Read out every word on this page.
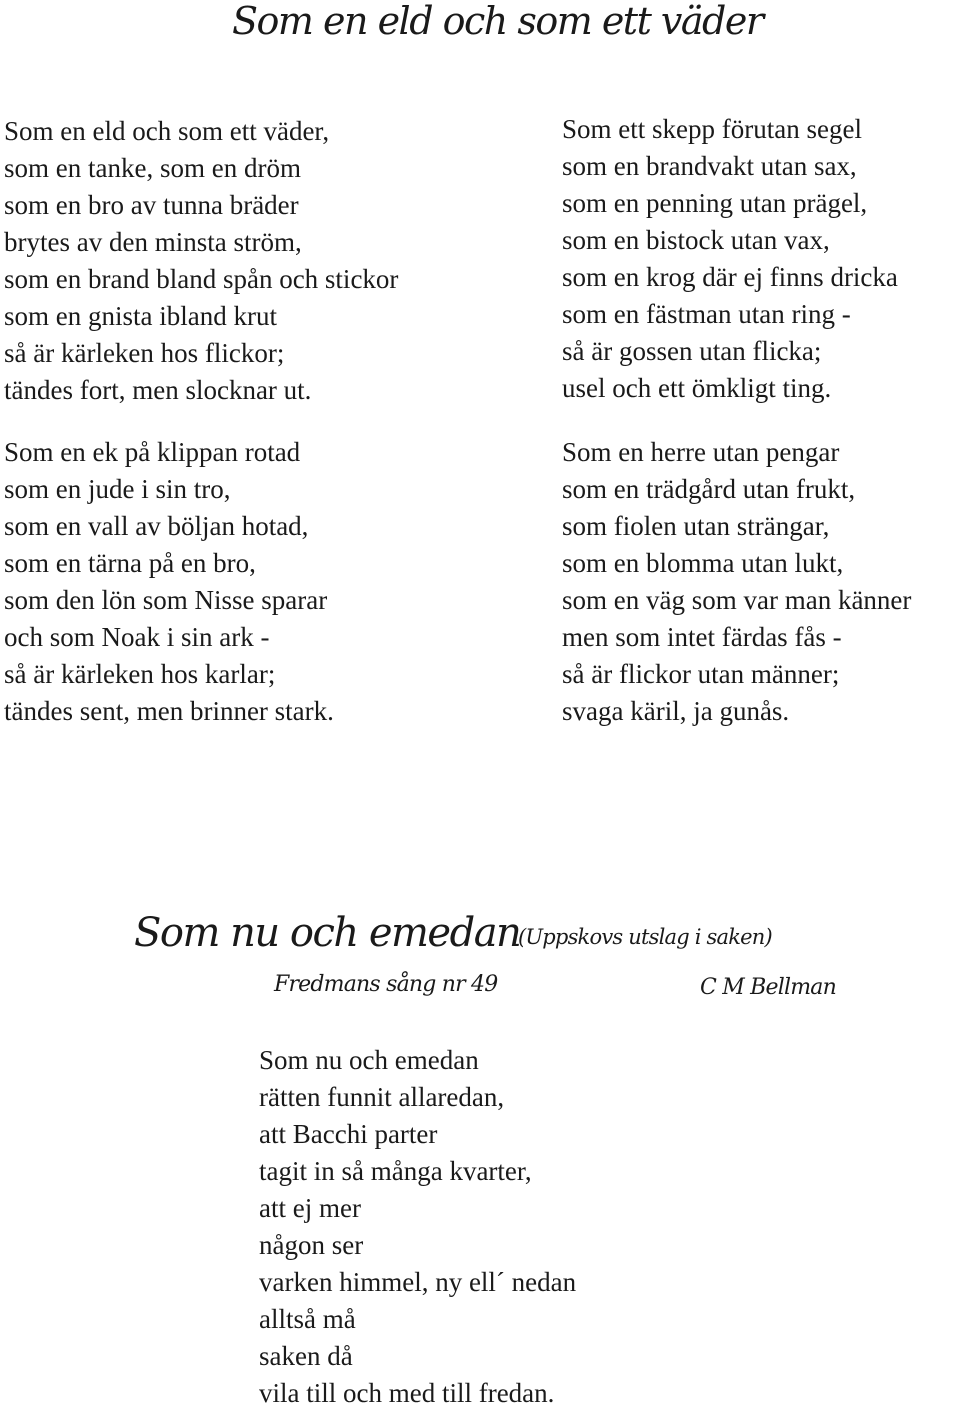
Som en eld och som ett väder
Som en eld och som ett väder,
som en tanke, som en dröm
som en bro av tunna bräder
brytes av den minsta ström,
som en brand bland spån och stickor
som en gnista ibland krut
så är kärleken hos flickor;
tändes fort, men slocknar ut.
Som en ek på klippan rotad
som en jude i sin tro,
som en vall av böljan hotad,
som en tärna på en bro,
som den lön som Nisse sparar
och som Noak i sin ark -
så är kärleken hos karlar;
tändes sent, men brinner stark.
Som ett skepp förutan segel
som en brandvakt utan sax,
som en penning utan prägel,
som en bistock utan vax,
som en krog där ej finns dricka
som en fästman utan ring -
så är gossen utan flicka;
usel och ett ömkligt ting.
Som en herre utan pengar
som en trädgård utan frukt,
som fiolen utan strängar,
som en blomma utan lukt,
som en väg som var man känner
men som intet färdas fås -
så är flickor utan männer;
svaga käril, ja gunås.
Som nu och emedan
(Uppskovs utslag i saken)
Fredmans sång nr 49	C M Bellman
Som nu och emedan
rätten funnit allaredan,
att Bacchi parter
tagit in så många kvarter,
att ej mer
någon ser
varken himmel, ny ell´ nedan
alltså må
saken då
vila till och med till fredan.
